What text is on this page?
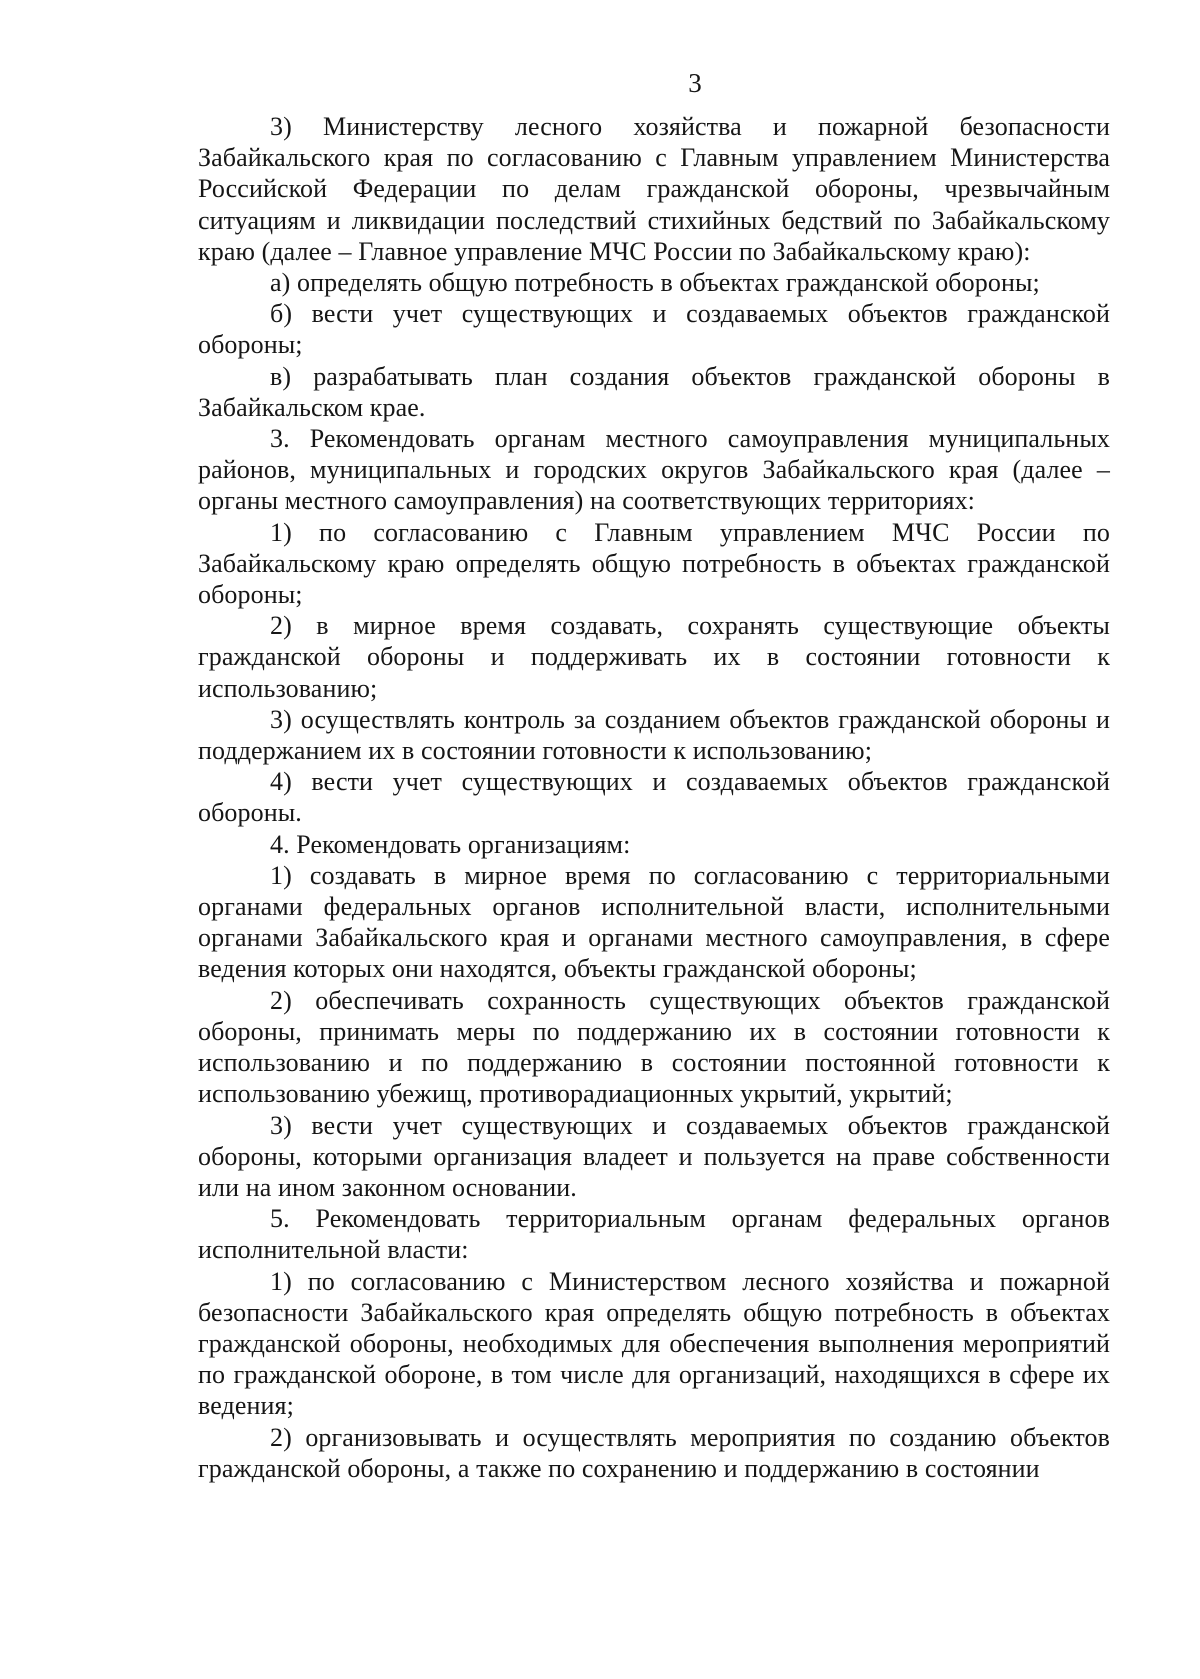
3

3) Министерству лесного хозяйства и пожарной безопасности Забайкальского края по согласованию с Главным управлением Министерства Российской Федерации по делам гражданской обороны, чрезвычайным ситуациям и ликвидации последствий стихийных бедствий по Забайкальскому краю (далее – Главное управление МЧС России по Забайкальскому краю):

а) определять общую потребность в объектах гражданской обороны;

б) вести учет существующих и создаваемых объектов гражданской обороны;

в) разрабатывать план создания объектов гражданской обороны в Забайкальском крае.

3. Рекомендовать органам местного самоуправления муниципальных районов, муниципальных и городских округов Забайкальского края (далее – органы местного самоуправления) на соответствующих территориях:

1) по согласованию с Главным управлением МЧС России по Забайкальскому краю определять общую потребность в объектах гражданской обороны;

2) в мирное время создавать, сохранять существующие объекты гражданской обороны и поддерживать их в состоянии готовности к использованию;

3) осуществлять контроль за созданием объектов гражданской обороны и поддержанием их в состоянии готовности к использованию;

4) вести учет существующих и создаваемых объектов гражданской обороны.

4. Рекомендовать организациям:

1) создавать в мирное время по согласованию с территориальными органами федеральных органов исполнительной власти, исполнительными органами Забайкальского края и органами местного самоуправления, в сфере ведения которых они находятся, объекты гражданской обороны;

2) обеспечивать сохранность существующих объектов гражданской обороны, принимать меры по поддержанию их в состоянии готовности к использованию и по поддержанию в состоянии постоянной готовности к использованию убежищ, противорадиационных укрытий, укрытий;

3) вести учет существующих и создаваемых объектов гражданской обороны, которыми организация владеет и пользуется на праве собственности или на ином законном основании.

5. Рекомендовать территориальным органам федеральных органов исполнительной власти:

1) по согласованию с Министерством лесного хозяйства и пожарной безопасности Забайкальского края определять общую потребность в объектах гражданской обороны, необходимых для обеспечения выполнения мероприятий по гражданской обороне, в том числе для организаций, находящихся в сфере их ведения;

2) организовывать и осуществлять мероприятия по созданию объектов гражданской обороны, а также по сохранению и поддержанию в состоянии
